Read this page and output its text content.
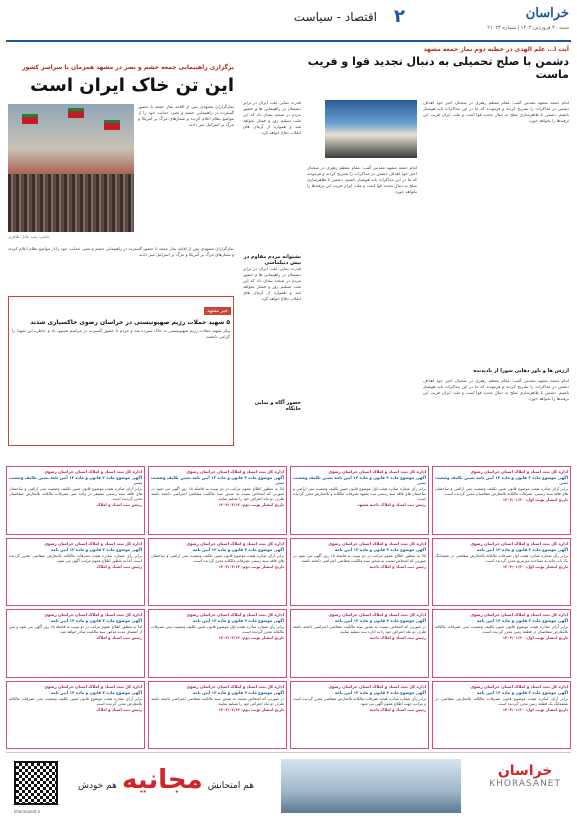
خراسان
۲
اقتصاد - سیاست
شنبه ۳۰ فروردین ۱۴۰۴ | شماره ۲۱۰۲۳
آیت ا... علم الهدی در خطبه دوم نماز جمعه مشهد
دشمن با صلح تحمیلی به دنبال تجدید قوا و فریب ماست
امام جمعه مشهد مقدس گفت: مقام معظم رهبری در سخنان اخیر خود اهداف دشمن در مذاکرات را تشریح کردند و فرمودند که ما در این مذاکرات باید هوشیار باشیم. دشمن با ظاهرسازی صلح به دنبال تجدید قوا است و ملت ایران فریب این ترفندها را نخواهد خورد.
امام جمعه مشهد مقدس گفت: مقام معظم رهبری در سخنان اخیر خود اهداف دشمن در مذاکرات را تشریح کردند و فرمودند که ما در این مذاکرات باید هوشیار باشیم. دشمن با ظاهرسازی صلح به دنبال تجدید قوا است و ملت ایران فریب این ترفندها را نخواهد خورد.
ارزش ها و باور دهانی شورا از نادیدنده
امام جمعه مشهد مقدس گفت: مقام معظم رهبری در سخنان اخیر خود اهداف دشمن در مذاکرات را تشریح کردند و فرمودند که ما در این مذاکرات باید هوشیار باشیم. دشمن با ظاهرسازی صلح به دنبال تجدید قوا است و ملت ایران فریب این ترفندها را نخواهد خورد.
قدرت نمایی ملت ایران در برابر دشمنان در راهپیمایی ها و حضور مردم در صحنه نشان داد که این ملت تسلیم زور و فشار نخواهد شد و همواره از آرمان های انقلاب دفاع خواهد کرد.
پشتوانه مردم مقاوم در پیش دیپلماسی
قدرت نمایی ملت ایران در برابر دشمنان در راهپیمایی ها و حضور مردم در صحنه نشان داد که این ملت تسلیم زور و فشار نخواهد شد و همواره از آرمان های انقلاب دفاع خواهد کرد.
حضور آگاه و نمایی جایگاه
برگزاری راهپیمایی جمعه خشم و نصر در مشهد همزمان با سراسر کشور
این تن خاک ایران است
عکس: سید عادل طاهری
نمازگزاران مشهدی پس از اقامه نماز جمعه با حضور گسترده در راهپیمایی خشم و نصر، حمایت خود را از مواضع نظام اعلام کردند و شعارهای مرگ بر آمریکا و مرگ بر اسرائیل سر دادند.
نمازگزاران مشهدی پس از اقامه نماز جمعه با حضور گسترده در راهپیمایی خشم و نصر، حمایت خود را از مواضع نظام اعلام کردند و شعارهای مرگ بر آمریکا و مرگ بر اسرائیل سر دادند.
خبر مشهد
۵ شهید حملات رژیم صهیونیستی در خراسان رضوی خاکسپاری شدند
پیکر شهید حملات رژیم صهیونیستی به خاک سپرده شد و مردم با حضور گسترده در مراسم تشییع، یاد و خاطره این شهدا را گرامی داشتند.
اداره کل ثبت اسناد و املاک استان خراسان رضوی
آگهی موضوع ماده ۳ قانون و ماده ۱۳ آیین نامه تعیین تکلیف وضعیت ثبتی
برابر آرای صادره هیئت موضوع قانون تعیین تکلیف وضعیت ثبتی اراضی و ساختمان های فاقد سند رسمی، تصرفات مالکانه بلامعارض متقاضیان محرز گردیده است.
تاریخ انتشار نوبت اول: ۱۴۰۴/۰۱/۳۰
اداره کل ثبت اسناد و املاک استان خراسان رضوی
آگهی موضوع ماده ۳ قانون و ماده ۱۳ آیین نامه تعیین تکلیف وضعیت ثبتی
برابر رأی شماره صادره هیئت اول موضوع قانون تعیین تکلیف وضعیت ثبتی اراضی و ساختمان های فاقد سند رسمی ثبت مشهد تصرفات مالکانه و بلامعارض محرز گردیده است.
رئیس ثبت اسناد و املاک ناحیه مشهد
اداره کل ثبت اسناد و املاک استان خراسان رضوی
آگهی موضوع ماده ۳ قانون و ماده ۱۳ آیین نامه تعیین تکلیف وضعیت ثبتی
لذا به منظور اطلاع عموم مراتب در دو نوبت به فاصله ۱۵ روز آگهی می شود در صورتی که اشخاص نسبت به صدور سند مالکیت متقاضی اعتراضی داشته باشند ظرف دو ماه اعتراض خود را تسلیم نمایند.
تاریخ انتشار نوبت دوم: ۱۴۰۴/۰۲/۱۴
اداره کل ثبت اسناد و املاک استان خراسان رضوی
آگهی موضوع ماده ۳ قانون و ماده ۱۳ آیین نامه تعیین تکلیف وضعیت ثبتی
برابر آرای صادره هیئت موضوع قانون تعیین تکلیف وضعیت ثبتی اراضی و ساختمان های فاقد سند رسمی مستقر در واحد ثبتی تصرفات مالکانه بلامعارض متقاضیان محرز گردیده است.
رئیس ثبت اسناد و املاک
اداره کل ثبت اسناد و املاک استان خراسان رضوی
آگهی موضوع ماده ۳ قانون و ماده ۱۳ آیین نامه
برابر رأی شماره صادره هیئت اول تصرفات مالکانه بلامعارض متقاضی در ششدانگ یک باب خانه به مساحت مترمربع محرز گردیده است.
تاریخ انتشار نوبت اول: ۱۴۰۴/۰۱/۳۰
اداره کل ثبت اسناد و املاک استان خراسان رضوی
آگهی موضوع ماده ۳ قانون و ماده ۱۳ آیین نامه
لذا به منظور اطلاع عموم مراتب در دو نوبت به فاصله ۱۵ روز آگهی می شود در صورتی که اشخاص نسبت به صدور سند مالکیت متقاضی اعتراضی داشته باشند.
رئیس ثبت اسناد و املاک ناحیه
اداره کل ثبت اسناد و املاک استان خراسان رضوی
آگهی موضوع ماده ۳ قانون و ماده ۱۳ آیین نامه
برابر آرای صادره هیئت موضوع قانون تعیین تکلیف وضعیت ثبتی اراضی و ساختمان های فاقد سند رسمی تصرفات مالکانه محرز گردیده است.
تاریخ انتشار نوبت دوم: ۱۴۰۴/۰۲/۱۴
اداره کل ثبت اسناد و املاک استان خراسان رضوی
آگهی موضوع ماده ۳ قانون و ماده ۱۳ آیین نامه
برابر رأی شماره صادره هیئت تصرفات مالکانه بلامعارض متقاضی محرز گردیده است. لذا به منظور اطلاع عموم مراتب آگهی می شود.
رئیس ثبت اسناد و املاک
اداره کل ثبت اسناد و املاک استان خراسان رضوی
آگهی موضوع ماده ۳ قانون و ماده ۱۳ آیین نامه
برابر آرای صادره هیئت موضوع قانون تعیین تکلیف وضعیت ثبتی تصرفات مالکانه بلامعارض متقاضیان در قطعه زمین محرز گردیده است.
تاریخ انتشار نوبت اول: ۱۴۰۴/۰۱/۳۰
اداره کل ثبت اسناد و املاک استان خراسان رضوی
آگهی موضوع ماده ۳ قانون و ماده ۱۳ آیین نامه
در صورتی که اشخاص نسبت به صدور سند مالکیت متقاضی اعتراضی داشته باشند ظرف دو ماه اعتراض خود را به اداره ثبت تسلیم نمایند.
رئیس ثبت اسناد و املاک ناحیه
اداره کل ثبت اسناد و املاک استان خراسان رضوی
آگهی موضوع ماده ۳ قانون و ماده ۱۳ آیین نامه
برابر رأی شماره صادره هیئت اول موضوع قانون تعیین تکلیف وضعیت ثبتی تصرفات مالکانه محرز گردیده است.
تاریخ انتشار نوبت دوم: ۱۴۰۴/۰۲/۱۴
اداره کل ثبت اسناد و املاک استان خراسان رضوی
آگهی موضوع ماده ۳ قانون و ماده ۱۳ آیین نامه
لذا به منظور اطلاع عموم مراتب در دو نوبت به فاصله ۱۵ روز آگهی می شود و پس از انقضای مدت مذکور سند مالکیت صادر خواهد شد.
رئیس ثبت اسناد و املاک
اداره کل ثبت اسناد و املاک استان خراسان رضوی
آگهی موضوع ماده ۳ قانون و ماده ۱۳ آیین نامه
برابر آرای صادره هیئت موضوع قانون تصرفات مالکانه بلامعارض متقاضی در ششدانگ یک قطعه زمین محرز گردیده است.
تاریخ انتشار نوبت اول: ۱۴۰۴/۰۱/۳۰
اداره کل ثبت اسناد و املاک استان خراسان رضوی
آگهی موضوع ماده ۳ قانون و ماده ۱۳ آیین نامه
برابر رأی شماره صادره هیئت تصرفات مالکانه بلامعارض متقاضی محرز گردیده است و مراتب جهت اطلاع عموم آگهی می شود.
رئیس ثبت اسناد و املاک ناحیه
اداره کل ثبت اسناد و املاک استان خراسان رضوی
آگهی موضوع ماده ۳ قانون و ماده ۱۳ آیین نامه
در صورتی که اشخاص نسبت به صدور سند مالکیت متقاضی اعتراضی داشته باشند ظرف دو ماه اعتراض خود را تسلیم نمایند.
تاریخ انتشار نوبت دوم: ۱۴۰۴/۰۲/۱۴
اداره کل ثبت اسناد و املاک استان خراسان رضوی
آگهی موضوع ماده ۳ قانون و ماده ۱۳ آیین نامه
برابر آرای صادره هیئت موضوع قانون تعیین تکلیف وضعیت ثبتی تصرفات مالکانه بلامعارض محرز گردیده است.
رئیس ثبت اسناد و املاک
خراسان
KHORASANET
هم امتحانش مجانیه هم خودش
khorasanet.ir
